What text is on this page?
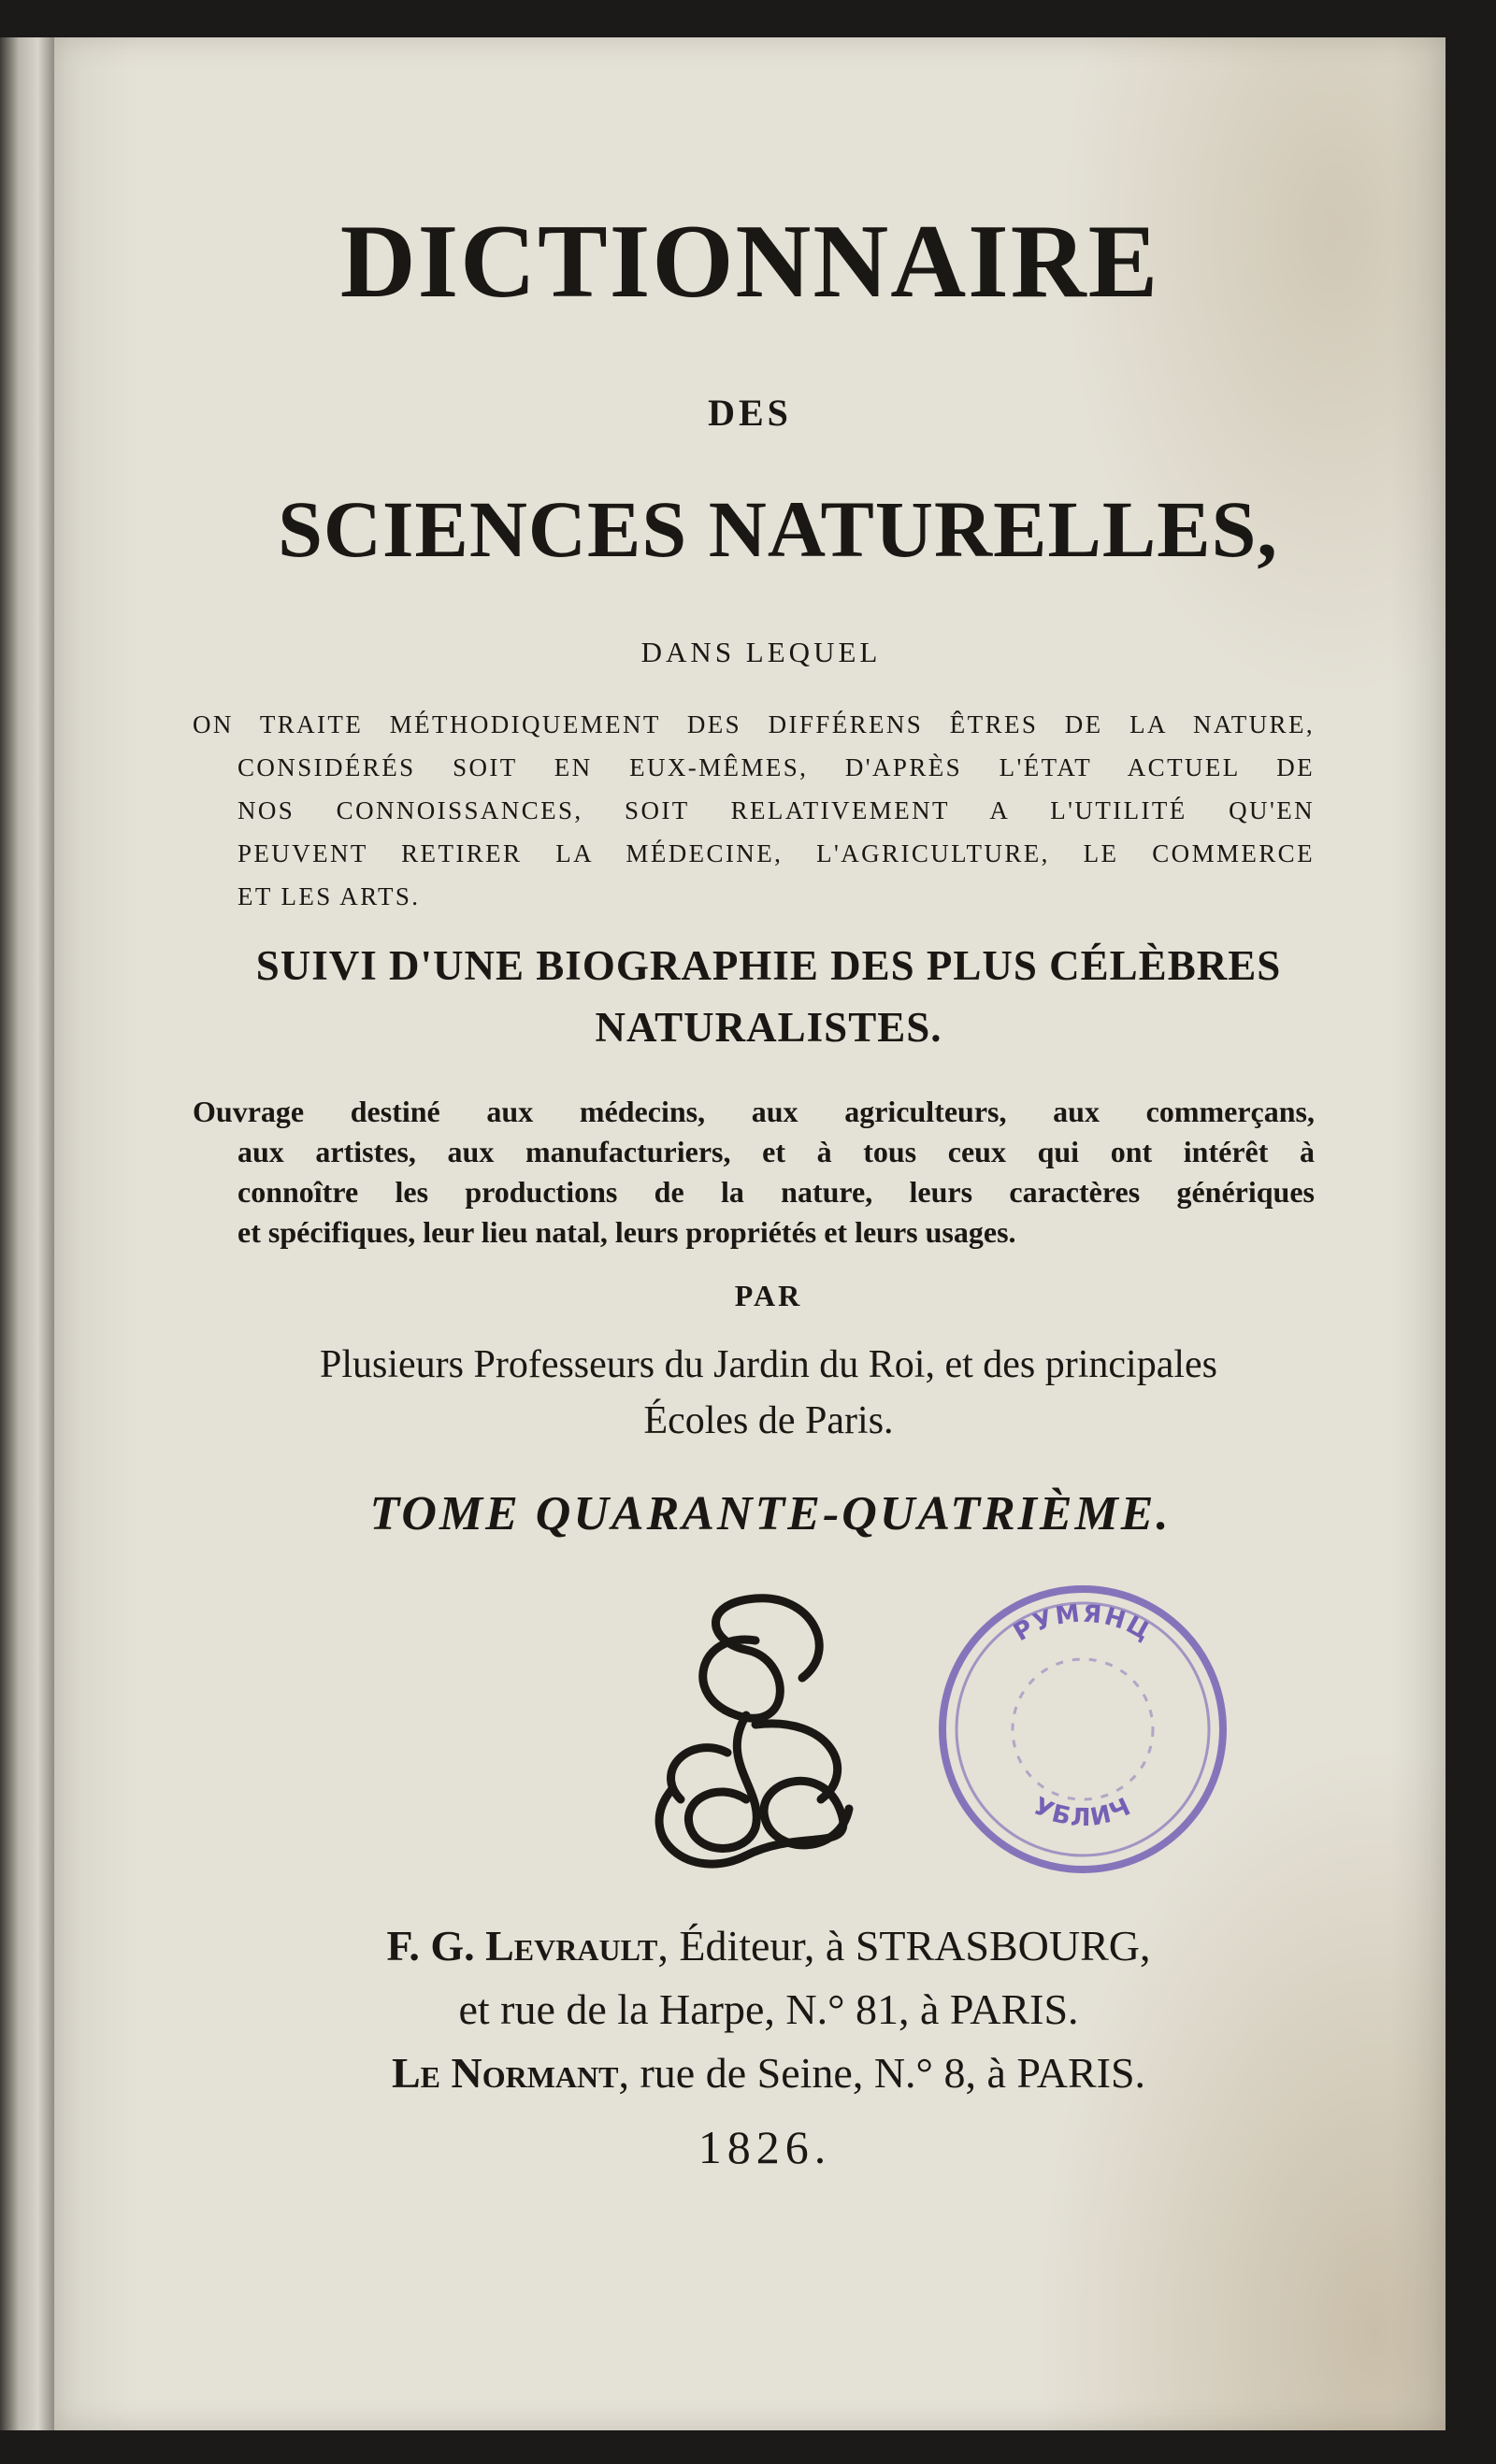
DICTIONNAIRE
DES
SCIENCES NATURELLES,
DANS LEQUEL
ON TRAITE MÉTHODIQUEMENT DES DIFFÉRENS ÊTRES DE LA NATURE,
CONSIDÉRÉS SOIT EN EUX-MÊMES, D'APRÈS L'ÉTAT ACTUEL DE
NOS CONNOISSANCES, SOIT RELATIVEMENT A L'UTILITÉ QU'EN
PEUVENT RETIRER LA MÉDECINE, L'AGRICULTURE, LE COMMERCE
ET LES ARTS.
SUIVI D'UNE BIOGRAPHIE DES PLUS CÉLÈBRES
NATURALISTES.
Ouvrage destiné aux médecins, aux agriculteurs, aux commerçans,
aux artistes, aux manufacturiers, et à tous ceux qui ont intérêt à
connoître les productions de la nature, leurs caractères génériques
et spécifiques, leur lieu natal, leurs propriétés et leurs usages.
PAR
Plusieurs Professeurs du Jardin du Roi, et des principales
Écoles de Paris.
TOME QUARANTE-QUATRIÈME.
РУМЯНЦ
УБЛИЧ
F. G. Levrault, Éditeur, à STRASBOURG,
et rue de la Harpe, N.° 81, à PARIS.
Le Normant, rue de Seine, N.° 8, à PARIS.
1826.
